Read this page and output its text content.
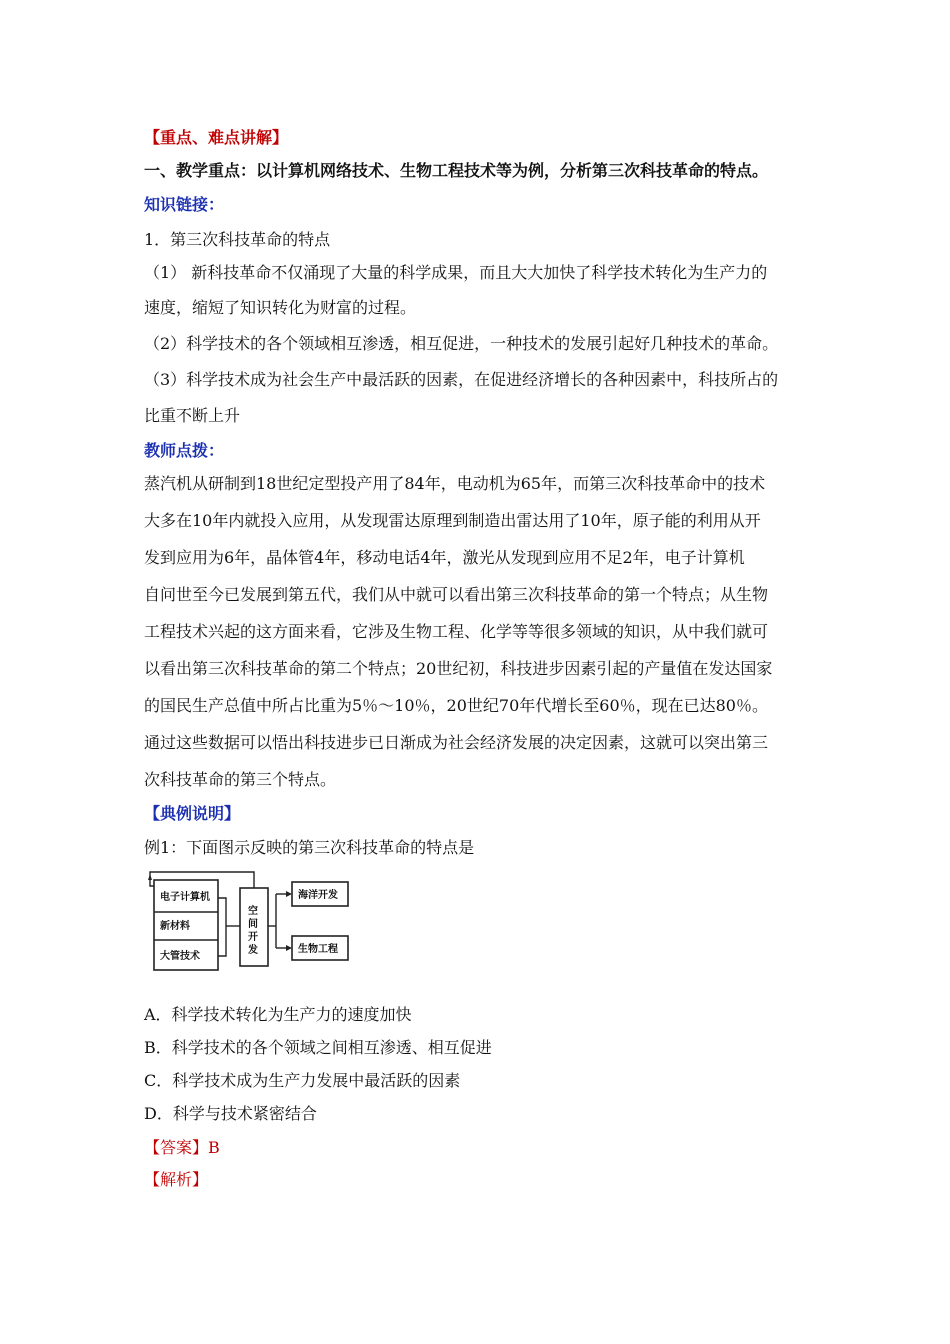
【重点、难点讲解】
一、教学重点：以计算机网络技术、生物工程技术等为例，分析第三次科技革命的特点。
知识链接：
1．第三次科技革命的特点
（1） 新科技革命不仅涌现了大量的科学成果，而且大大加快了科学技术转化为生产力的
速度，缩短了知识转化为财富的过程。
（2）科学技术的各个领域相互渗透，相互促进，一种技术的发展引起好几种技术的革命。
（3）科学技术成为社会生产中最活跃的因素，在促进经济增长的各种因素中，科技所占的
比重不断上升
教师点拨：
蒸汽机从研制到18世纪定型投产用了84年，电动机为65年，而第三次科技革命中的技术
大多在10年内就投入应用，从发现雷达原理到制造出雷达用了10年，原子能的利用从开
发到应用为6年，晶体管4年，移动电话4年，激光从发现到应用不足2年，电子计算机
自问世至今已发展到第五代，我们从中就可以看出第三次科技革命的第一个特点；从生物
工程技术兴起的这方面来看，它涉及生物工程、化学等等很多领域的知识，从中我们就可
以看出第三次科技革命的第二个特点；20世纪初，科技进步因素引起的产量值在发达国家
的国民生产总值中所占比重为5％～10％，20世纪70年代增长至60％，现在已达80％。
通过这些数据可以悟出科技进步已日渐成为社会经济发展的决定因素，这就可以突出第三
次科技革命的第三个特点。
【典例说明】
例1：下面图示反映的第三次科技革命的特点是
电子计算机
新材料
大管技术
空 间 开 发
海洋开发
生物工程
A．科学技术转化为生产力的速度加快
B．科学技术的各个领域之间相互渗透、相互促进
C．科学技术成为生产力发展中最活跃的因素
D．科学与技术紧密结合
【答案】B
【解析】
